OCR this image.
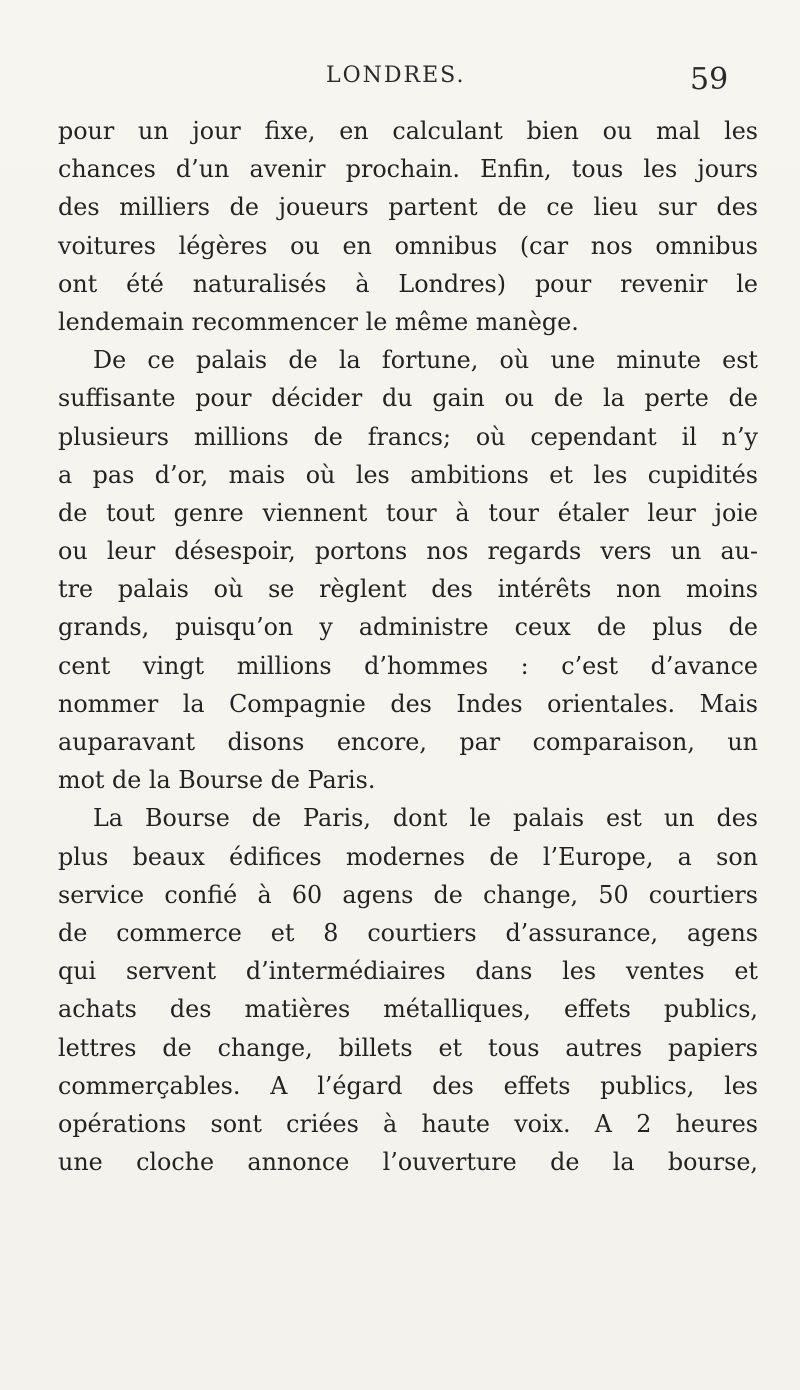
LONDRES.	59
pour un jour fixe, en calculant bien ou mal les
chances d’un avenir prochain. Enfin, tous les jours
des milliers de joueurs partent de ce lieu sur des
voitures légères ou en omnibus (car nos omnibus
ont été naturalisés à Londres) pour revenir le
lendemain recommencer le même manège.
De ce palais de la fortune, où une minute est
suffisante pour décider du gain ou de la perte de
plusieurs millions de francs; où cependant il n’y
a pas d’or, mais où les ambitions et les cupidités
de tout genre viennent tour à tour étaler leur joie
ou leur désespoir, portons nos regards vers un au-
tre palais où se règlent des intérêts non moins
grands, puisqu’on y administre ceux de plus de
cent vingt millions d’hommes : c’est d’avance
nommer la Compagnie des Indes orientales. Mais
auparavant disons encore, par comparaison, un
mot de la Bourse de Paris.
La Bourse de Paris, dont le palais est un des
plus beaux édifices modernes de l’Europe, a son
service confié à 60 agens de change, 50 courtiers
de commerce et 8 courtiers d’assurance, agens
qui servent d’intermédiaires dans les ventes et
achats des matières métalliques, effets publics,
lettres de change, billets et tous autres papiers
commerçables. A l’égard des effets publics, les
opérations sont criées à haute voix. A 2 heures
une cloche annonce l’ouverture de la bourse,
